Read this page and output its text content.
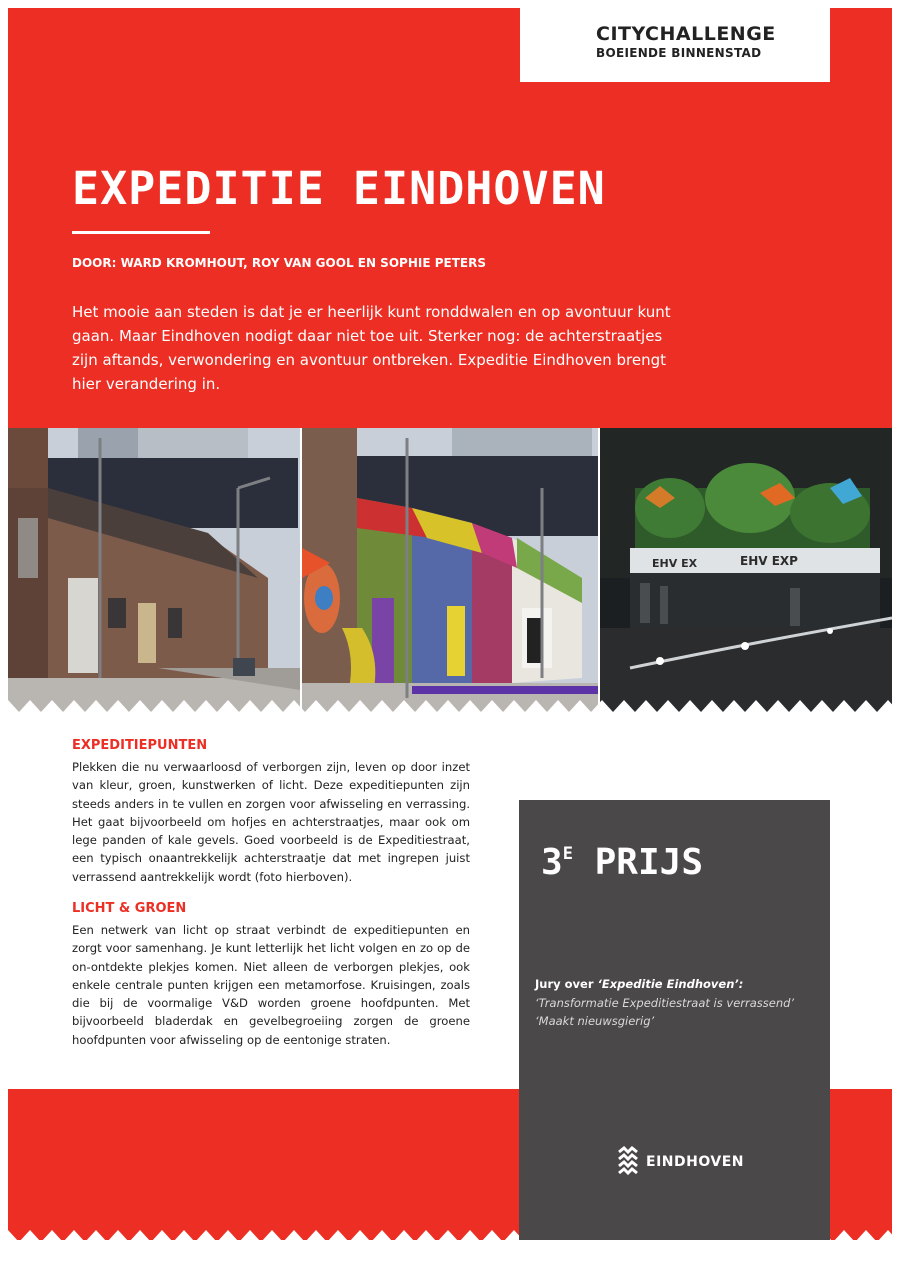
CITYCHALLENGE
BOEIENDE BINNENSTAD
EXPEDITIE EINDHOVEN
DOOR: WARD KROMHOUT, ROY VAN GOOL EN SOPHIE PETERS
Het mooie aan steden is dat je er heerlijk kunt ronddwalen en op avontuur kunt gaan. Maar Eindhoven nodigt daar niet toe uit. Sterker nog: de achterstraatjes zijn aftands, verwondering en avontuur ontbreken. Expeditie Eindhoven brengt hier verandering in.
EHV EX	EHV EXP
EXPEDITIEPUNTEN
Plekken die nu verwaarloosd of verborgen zijn, leven op door inzet van kleur, groen, kunstwerken of licht. Deze expeditiepunten zijn steeds anders in te vullen en zorgen voor afwisseling en verrassing. Het gaat bijvoorbeeld om hofjes en achterstraatjes, maar ook om lege panden of kale gevels. Goed voorbeeld is de Expeditiestraat, een typisch onaantrekkelijk achterstraatje dat met ingrepen juist verrassend aantrekkelijk wordt (foto hierboven).
LICHT & GROEN
Een netwerk van licht op straat verbindt de expeditiepunten en zorgt voor samenhang. Je kunt letterlijk het licht volgen en zo op de on-ontdekte plekjes komen. Niet alleen de verborgen plekjes, ook enkele centrale punten krijgen een metamorfose. Kruisingen, zoals die bij de voormalige V&D worden groene hoofdpunten. Met bijvoorbeeld bladerdak en gevelbegroeiing zorgen de groene hoofdpunten voor afwisseling op de eentonige straten.
$3^E$ PRIJS
Jury over ‘Expeditie Eindhoven’:
‘Transformatie Expeditiestraat is verrassend’
‘Maakt nieuwsgierig’
EINDHOVEN
